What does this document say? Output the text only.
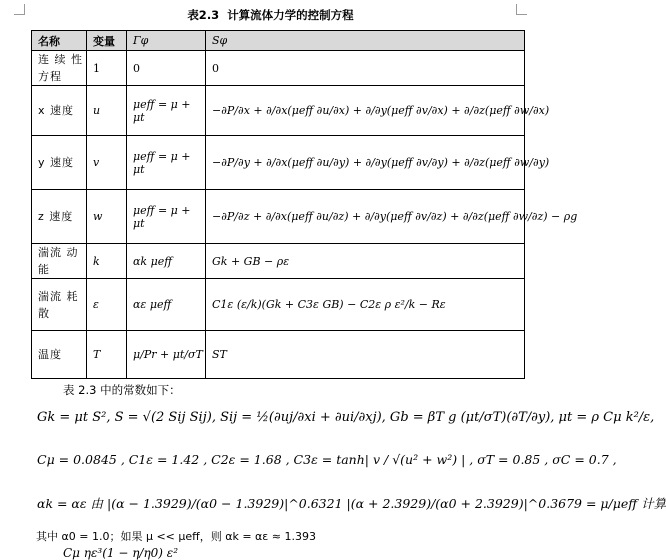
表2.3 计算流体力学的控制方程
名称	变量	Γφ	Sφ
连 续 性 方程	1	0	0
x 速度	u	μeff = μ + μt	−∂P/∂x + ∂/∂x(μeff ∂u/∂x) + ∂/∂y(μeff ∂v/∂x) + ∂/∂z(μeff ∂w/∂x)
y 速度	v	μeff = μ + μt	−∂P/∂y + ∂/∂x(μeff ∂u/∂y) + ∂/∂y(μeff ∂v/∂y) + ∂/∂z(μeff ∂w/∂y)
z 速度	w	μeff = μ + μt	−∂P/∂z + ∂/∂x(μeff ∂u/∂z) + ∂/∂y(μeff ∂v/∂z) + ∂/∂z(μeff ∂w/∂z) − ρg
湍流 动能	k	αk μeff	Gk + GB − ρε
湍流 耗散	ε	αε μeff	C1ε (ε/k)(Gk + C3ε GB) − C2ε ρ ε²/k − Rε
温度	T	μ/Pr + μt/σT	ST
表 2.3 中的常数如下：
Gk = μt S², S = √(2 Sij Sij), Sij = ½(∂uj/∂xi + ∂ui/∂xj), Gb = βT g (μt/σT)(∂T/∂y), μt = ρ Cμ k²/ε,
Cμ = 0.0845 , C1ε = 1.42 , C2ε = 1.68 , C3ε = tanh| v / √(u² + w²) | , σT = 0.85 , σC = 0.7 ,
αk = αε 由 |(α − 1.3929)/(α0 − 1.3929)|^0.6321 |(α + 2.3929)/(α0 + 2.3929)|^0.3679 = μ/μeff 计算
其中 α0 = 1.0；如果 μ << μeff，则 αk = αε ≈ 1.393
Cμ ηε³(1 − η/η0) ε²
